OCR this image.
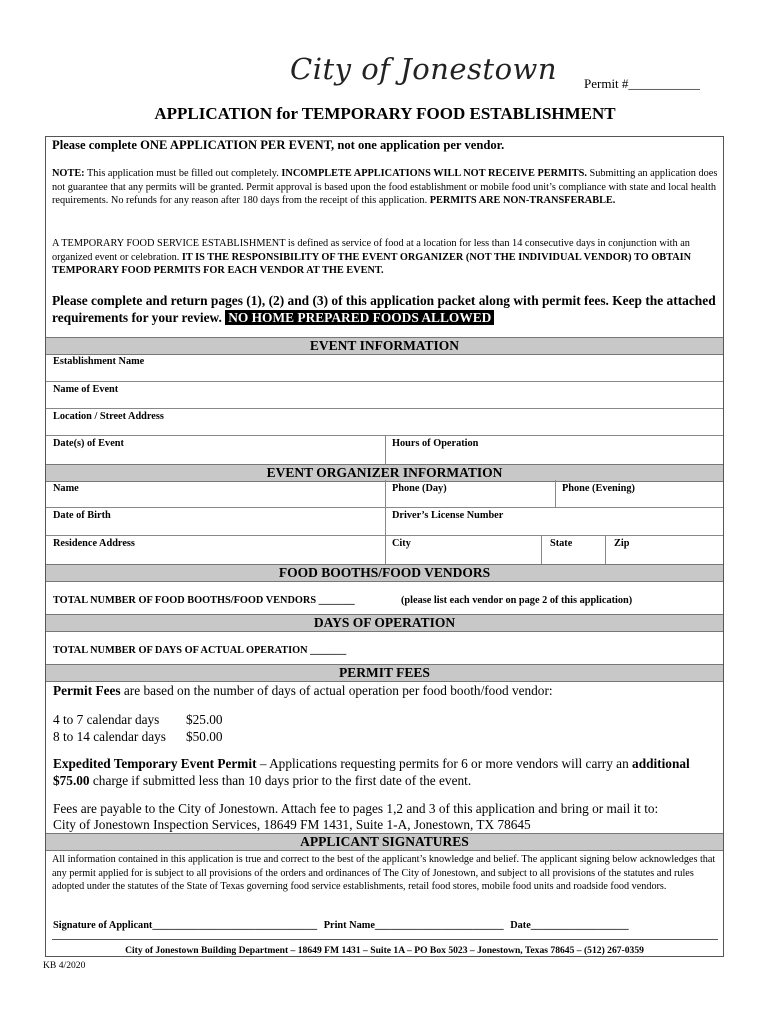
City of Jonestown Permit #___________
APPLICATION for TEMPORARY FOOD ESTABLISHMENT
Please complete ONE APPLICATION PER EVENT, not one application per vendor.
NOTE: This application must be filled out completely. INCOMPLETE APPLICATIONS WILL NOT RECEIVE PERMITS. Submitting an application does not guarantee that any permits will be granted. Permit approval is based upon the food establishment or mobile food unit’s compliance with state and local health requirements. No refunds for any reason after 180 days from the receipt of this application. PERMITS ARE NON-TRANSFERABLE.
A TEMPORARY FOOD SERVICE ESTABLISHMENT is defined as service of food at a location for less than 14 consecutive days in conjunction with an organized event or celebration. IT IS THE RESPONSIBILITY OF THE EVENT ORGANIZER (NOT THE INDIVIDUAL VENDOR) TO OBTAIN TEMPORARY FOOD PERMITS FOR EACH VENDOR AT THE EVENT.
Please complete and return pages (1), (2) and (3) of this application packet along with permit fees. Keep the attached requirements for your review. NO HOME PREPARED FOODS ALLOWED
EVENT INFORMATION
Establishment Name
Name of Event
Location / Street Address
Date(s) of Event	Hours of Operation
EVENT ORGANIZER INFORMATION
Name	Phone (Day)	Phone (Evening)
Date of Birth	Driver’s License Number
Residence Address	City	State	Zip
FOOD BOOTHS/FOOD VENDORS
TOTAL NUMBER OF FOOD BOOTHS/FOOD VENDORS _______	(please list each vendor on page 2 of this application)
DAYS OF OPERATION
TOTAL NUMBER OF DAYS OF ACTUAL OPERATION _______
PERMIT FEES
Permit Fees are based on the number of days of actual operation per food booth/food vendor:
4 to 7 calendar days $25.00
8 to 14 calendar days $50.00
Expedited Temporary Event Permit – Applications requesting permits for 6 or more vendors will carry an additional $75.00 charge if submitted less than 10 days prior to the first date of the event.
Fees are payable to the City of Jonestown. Attach fee to pages 1,2 and 3 of this application and bring or mail it to:
City of Jonestown Inspection Services, 18649 FM 1431, Suite 1-A, Jonestown, TX 78645
APPLICANT SIGNATURES
All information contained in this application is true and correct to the best of the applicant’s knowledge and belief. The applicant signing below acknowledges that any permit applied for is subject to all provisions of the orders and ordinances of The City of Jonestown, and subject to all provisions of the statutes and rules adopted under the statutes of the State of Texas governing food service establishments, retail food stores, mobile food units and roadside food vendors.
Signature of Applicant________________________________ Print Name_________________________ Date___________________
City of Jonestown Building Department – 18649 FM 1431 – Suite 1A – PO Box 5023 – Jonestown, Texas 78645 – (512) 267-0359
KB 4/2020
